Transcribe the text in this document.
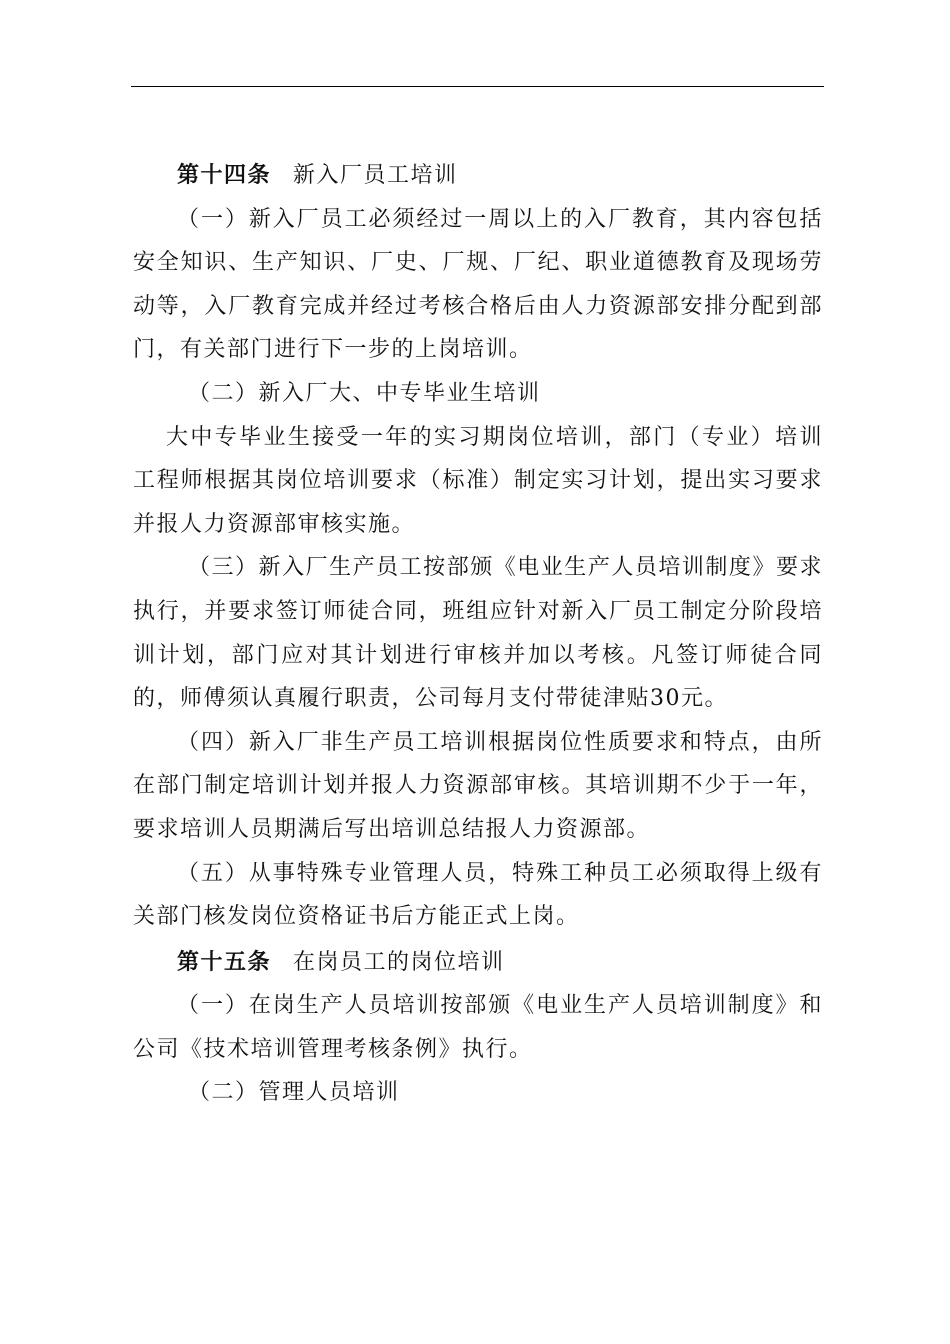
第十四条 新入厂员工培训

（一）新入厂员工必须经过一周以上的入厂教育，其内容包括安全知识、生产知识、厂史、厂规、厂纪、职业道德教育及现场劳动等，入厂教育完成并经过考核合格后由人力资源部安排分配到部门，有关部门进行下一步的上岗培训。

（二）新入厂大、中专毕业生培训

大中专毕业生接受一年的实习期岗位培训，部门（专业）培训工程师根据其岗位培训要求（标准）制定实习计划，提出实习要求并报人力资源部审核实施。

（三）新入厂生产员工按部颁《电业生产人员培训制度》要求执行，并要求签订师徒合同，班组应针对新入厂员工制定分阶段培训计划，部门应对其计划进行审核并加以考核。凡签订师徒合同的，师傅须认真履行职责，公司每月支付带徒津贴30元。

（四）新入厂非生产员工培训根据岗位性质要求和特点，由所在部门制定培训计划并报人力资源部审核。其培训期不少于一年，要求培训人员期满后写出培训总结报人力资源部。

（五）从事特殊专业管理人员，特殊工种员工必须取得上级有关部门核发岗位资格证书后方能正式上岗。

第十五条 在岗员工的岗位培训

（一）在岗生产人员培训按部颁《电业生产人员培训制度》和公司《技术培训管理考核条例》执行。

（二）管理人员培训
